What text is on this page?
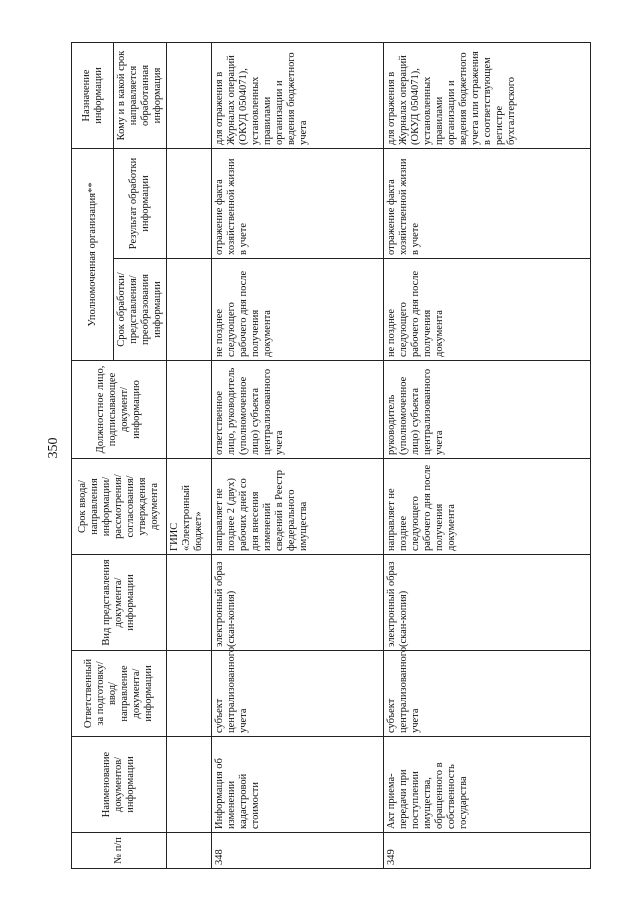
350
№ п/п	Наименование документов/информации	Ответственный за подготовку/ ввод/ направление документа/ информации	Вид представления документа/ информации	Срок ввода/ направления информации/ рассмотрения/ согласования/ утверждения документа	Должностное лицо, подписывающее документ/ информацию	Уполномоченная организация**		Назначение информации
						Срок обработки/ представления/ преобразования информации	Результат обработки информации	Кому и в какой срок направляется обработанная информация
				ГИИС «Электронный бюджет»				
348	Информация об изменении кадастровой стоимости	субъект централизованного учета	электронный образ (скан-копия)	направляет не позднее 2 (двух) рабочих дней со дня внесения изменений сведений в Реестр федерального имущества	ответственное лицо, руководитель (уполномоченное лицо) субъекта централизованного учета	не позднее следующего рабочего дня после получения документа	отражение факта хозяйственной жизни в учете	для отражения в Журналах операций (ОКУД 0504071), установленных правилами организации и ведения бюджетного учета
349	Акт приема-передачи при поступлении имущества, обращенного в собственность государства	субъект централизованного учета	электронный образ (скан-копия)	направляет не позднее следующего рабочего дня после получения документа	руководитель (уполномоченное лицо) субъекта централизованного учета	не позднее следующего рабочего дня после получения документа	отражение факта хозяйственной жизни в учете	для отражения в Журналах операций (ОКУД 0504071), установленных правилами организации и ведения бюджетного учета или отражения в соответствующем регистре бухгалтерского
